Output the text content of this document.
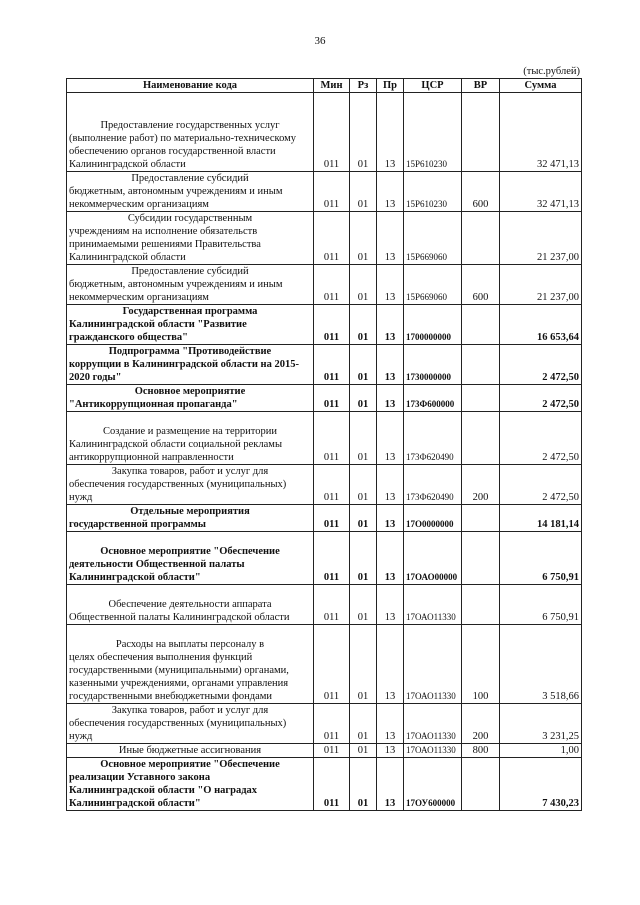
36
(тыс.рублей)
Наименование кода	Мин	Рз	Пр	ЦСР	ВР	Сумма

Предоставление государственных услуг
(выполнение работ) по материально-техническому
обеспечению органов государственной власти
Калининградской области	011	01	13	15Р610230		32 471,13

Предоставление субсидий
бюджетным, автономным учреждениям и иным
некоммерческим организациям	011	01	13	15Р610230	600	32 471,13

Субсидии государственным
учреждениям на исполнение обязательств
принимаемыми решениями Правительства
Калининградской области	011	01	13	15Р669060		21 237,00

Предоставление субсидий
бюджетным, автономным учреждениям и иным
некоммерческим организациям	011	01	13	15Р669060	600	21 237,00

Государственная программа
Калининградской области "Развитие
гражданского общества"	011	01	13	1700000000		16 653,64

Подпрограмма "Противодействие
коррупции в Калининградской области на 2015-
2020 годы"	011	01	13	1730000000		2 472,50

Основное мероприятие
"Антикоррупционная пропаганда"	011	01	13	173Ф600000		2 472,50

Создание и размещение на территории
Калининградской области социальной рекламы
антикоррупционной направленности	011	01	13	173Ф620490		2 472,50

Закупка товаров, работ и услуг для
обеспечения государственных (муниципальных)
нужд	011	01	13	173Ф620490	200	2 472,50

Отдельные мероприятия
государственной программы	011	01	13	17О0000000		14 181,14

Основное мероприятие "Обеспечение
деятельности Общественной палаты
Калининградской области"	011	01	13	17ОАО00000		6 750,91

Обеспечение деятельности аппарата
Общественной палаты Калининградской области	011	01	13	17ОАО11330		6 750,91

Расходы на выплаты персоналу в
целях обеспечения выполнения функций
государственными (муниципальными) органами,
казенными учреждениями, органами управления
государственными внебюджетными фондами	011	01	13	17ОАО11330	100	3 518,66

Закупка товаров, работ и услуг для
обеспечения государственных (муниципальных)
нужд	011	01	13	17ОАО11330	200	3 231,25

Иные бюджетные ассигнования	011	01	13	17ОАО11330	800	1,00

Основное мероприятие "Обеспечение
реализации Уставного закона
Калининградской области "О наградах
Калининградской области"	011	01	13	17ОУ600000		7 430,23
